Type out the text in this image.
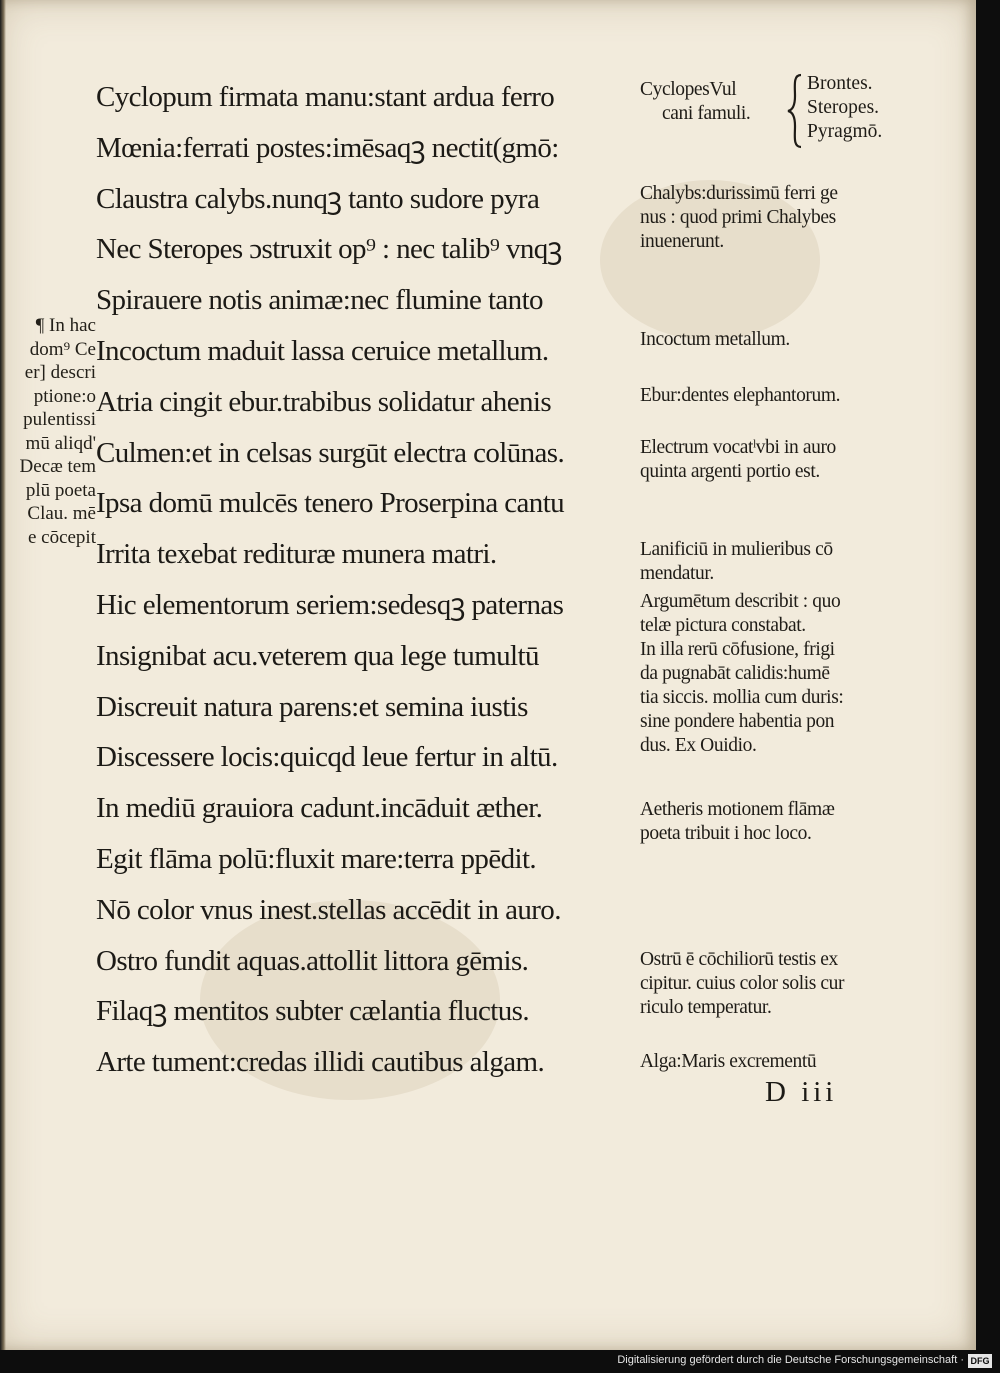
¶ In hac
dom⁹ Ce
er] descri
ptione:o
pulentissi
mū aliqd'
Decæ tem
plū poeta
Clau. mē
e cōcepit
Cyclopum firmata manu:stant ardua ferro
Mœnia:ferrati postes:imēsaqꝫ nectit(gmō:
Claustra calybs.nunqꝫ tanto sudore pyra
Nec Steropes ɔstruxit op⁹ : nec talib⁹ vnqꝫ
Spirauere notis animæ:nec flumine tanto
Incoctum maduit lassa ceruice metallum.
Atria cingit ebur.trabibus solidatur ahenis
Culmen:et in celsas surgūt electra colūnas.
Ipsa domū mulcēs tenero Proserpina cantu
Irrita texebat redituræ munera matri.
Hic elementorum seriem:sedesqꝫ paternas
Insignibat acu.veterem qua lege tumultū
Discreuit natura parens:et semina iustis
Discessere locis:quicqd leue fertur in altū.
In mediū grauiora cadunt.incāduit æther.
Egit flāma polū:fluxit mare:terra ppēdit.
Nō color vnus inest.stellas accēdit in auro.
Ostro fundit aquas.attollit littora gēmis.
Filaqꝫ mentitos subter cælantia fluctus.
Arte tument:credas illidi cautibus algam.
CyclopesVul
cani famuli.
Brontes.
Steropes.
Pyragmō.
Chalybs:durissimū ferri ge
nus : quod primi Chalybes
inuenerunt.
Incoctum metallum.
Ebur:dentes elephantorum.
Electrum vocatˡvbi in auro
quinta argenti portio est.
Lanificiū in mulieribus cō
mendatur.
Argumētum describit : quo
telæ pictura constabat.
In illa rerū cōfusione, frigi
da pugnabāt calidis:humē
tia siccis. mollia cum duris:
sine pondere habentia pon
dus. Ex Ouidio.
Aetheris motionem flāmæ
poeta tribuit i hoc loco.
Ostrū ē cōchiliorū testis ex
cipitur. cuius color solis cur
riculo temperatur.
Alga:Maris excrementū
D iii
Digitalisierung gefördert durch die Deutsche Forschungsgemeinschaft · DFG
